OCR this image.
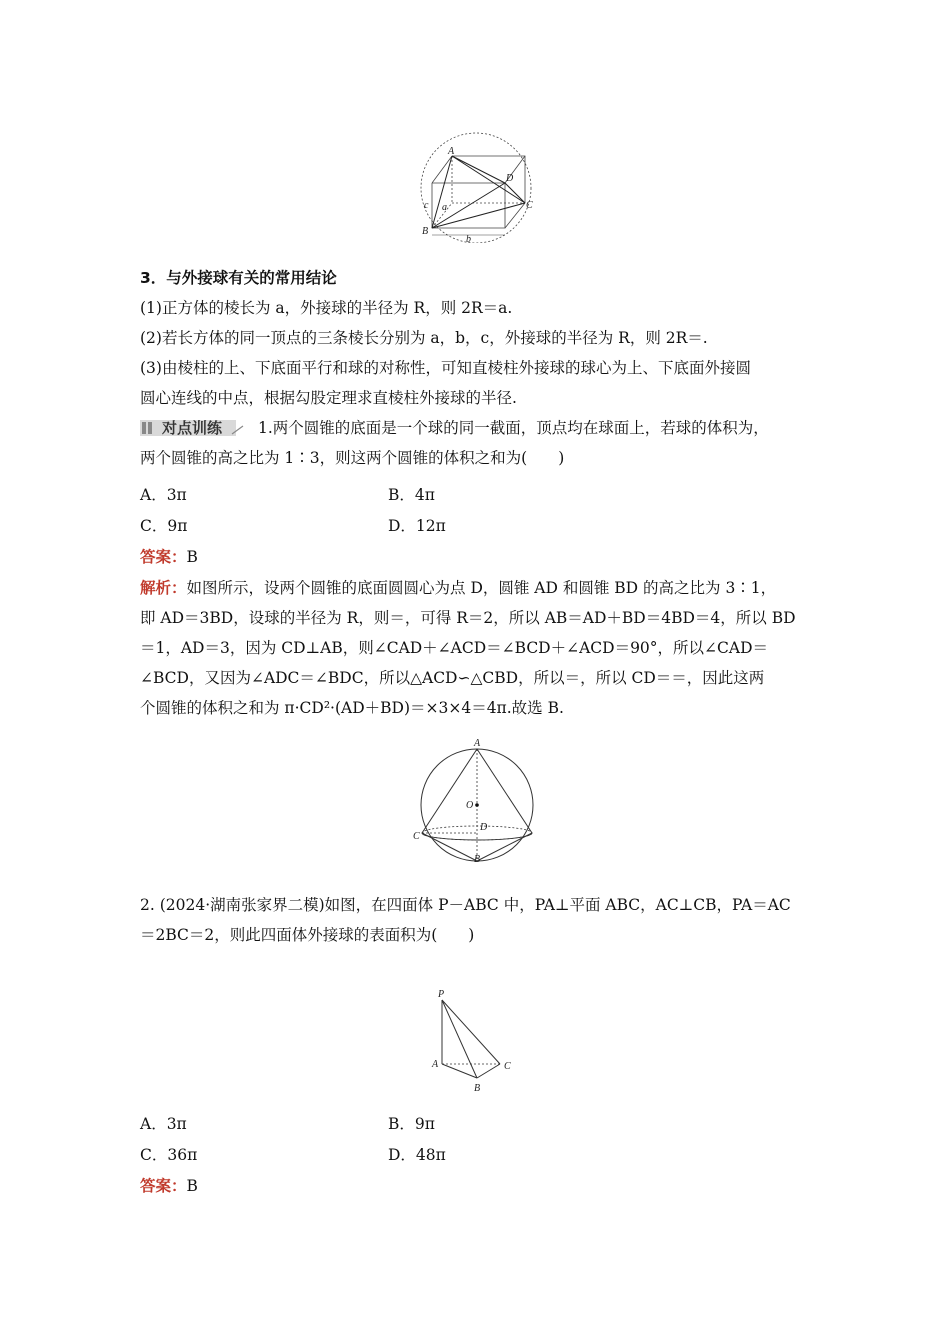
A
D
B
C
c a
b
3．与外接球有关的常用结论
(1)正方体的棱长为 a，外接球的半径为 R，则 2R＝a.
(2)若长方体的同一顶点的三条棱长分别为 a，b，c，外接球的半径为 R，则 2R＝.
(3)由棱柱的上、下底面平行和球的对称性，可知直棱柱外接球的球心为上、下底面外接圆
圆心连线的中点，根据勾股定理求直棱柱外接球的半径.
对点训练 1.两个圆锥的底面是一个球的同一截面，顶点均在球面上，若球的体积为，
两个圆锥的高之比为 1∶3，则这两个圆锥的体积之和为(　　)
A．3π	B．4π
C．9π	D．12π
答案：B
解析：如图所示，设两个圆锥的底面圆圆心为点 D，圆锥 AD 和圆锥 BD 的高之比为 3∶1，
即 AD＝3BD，设球的半径为 R，则＝，可得 R＝2，所以 AB＝AD＋BD＝4BD＝4，所以 BD
＝1，AD＝3，因为 CD⊥AB，则∠CAD＋∠ACD＝∠BCD＋∠ACD＝90°，所以∠CAD＝
∠BCD，又因为∠ADC＝∠BDC，所以△ACD∽△CBD，所以＝，所以 CD＝＝，因此这两
个圆锥的体积之和为 π·CD²·(AD＋BD)＝×3×4＝4π.故选 B.
A
O
D
C
B
2. (2024·湖南张家界二模)如图，在四面体 P－ABC 中，PA⊥平面 ABC，AC⊥CB，PA＝AC
＝2BC＝2，则此四面体外接球的表面积为(　　)
P
A	C
B
A．3π	B．9π
C．36π	D．48π
答案：B
